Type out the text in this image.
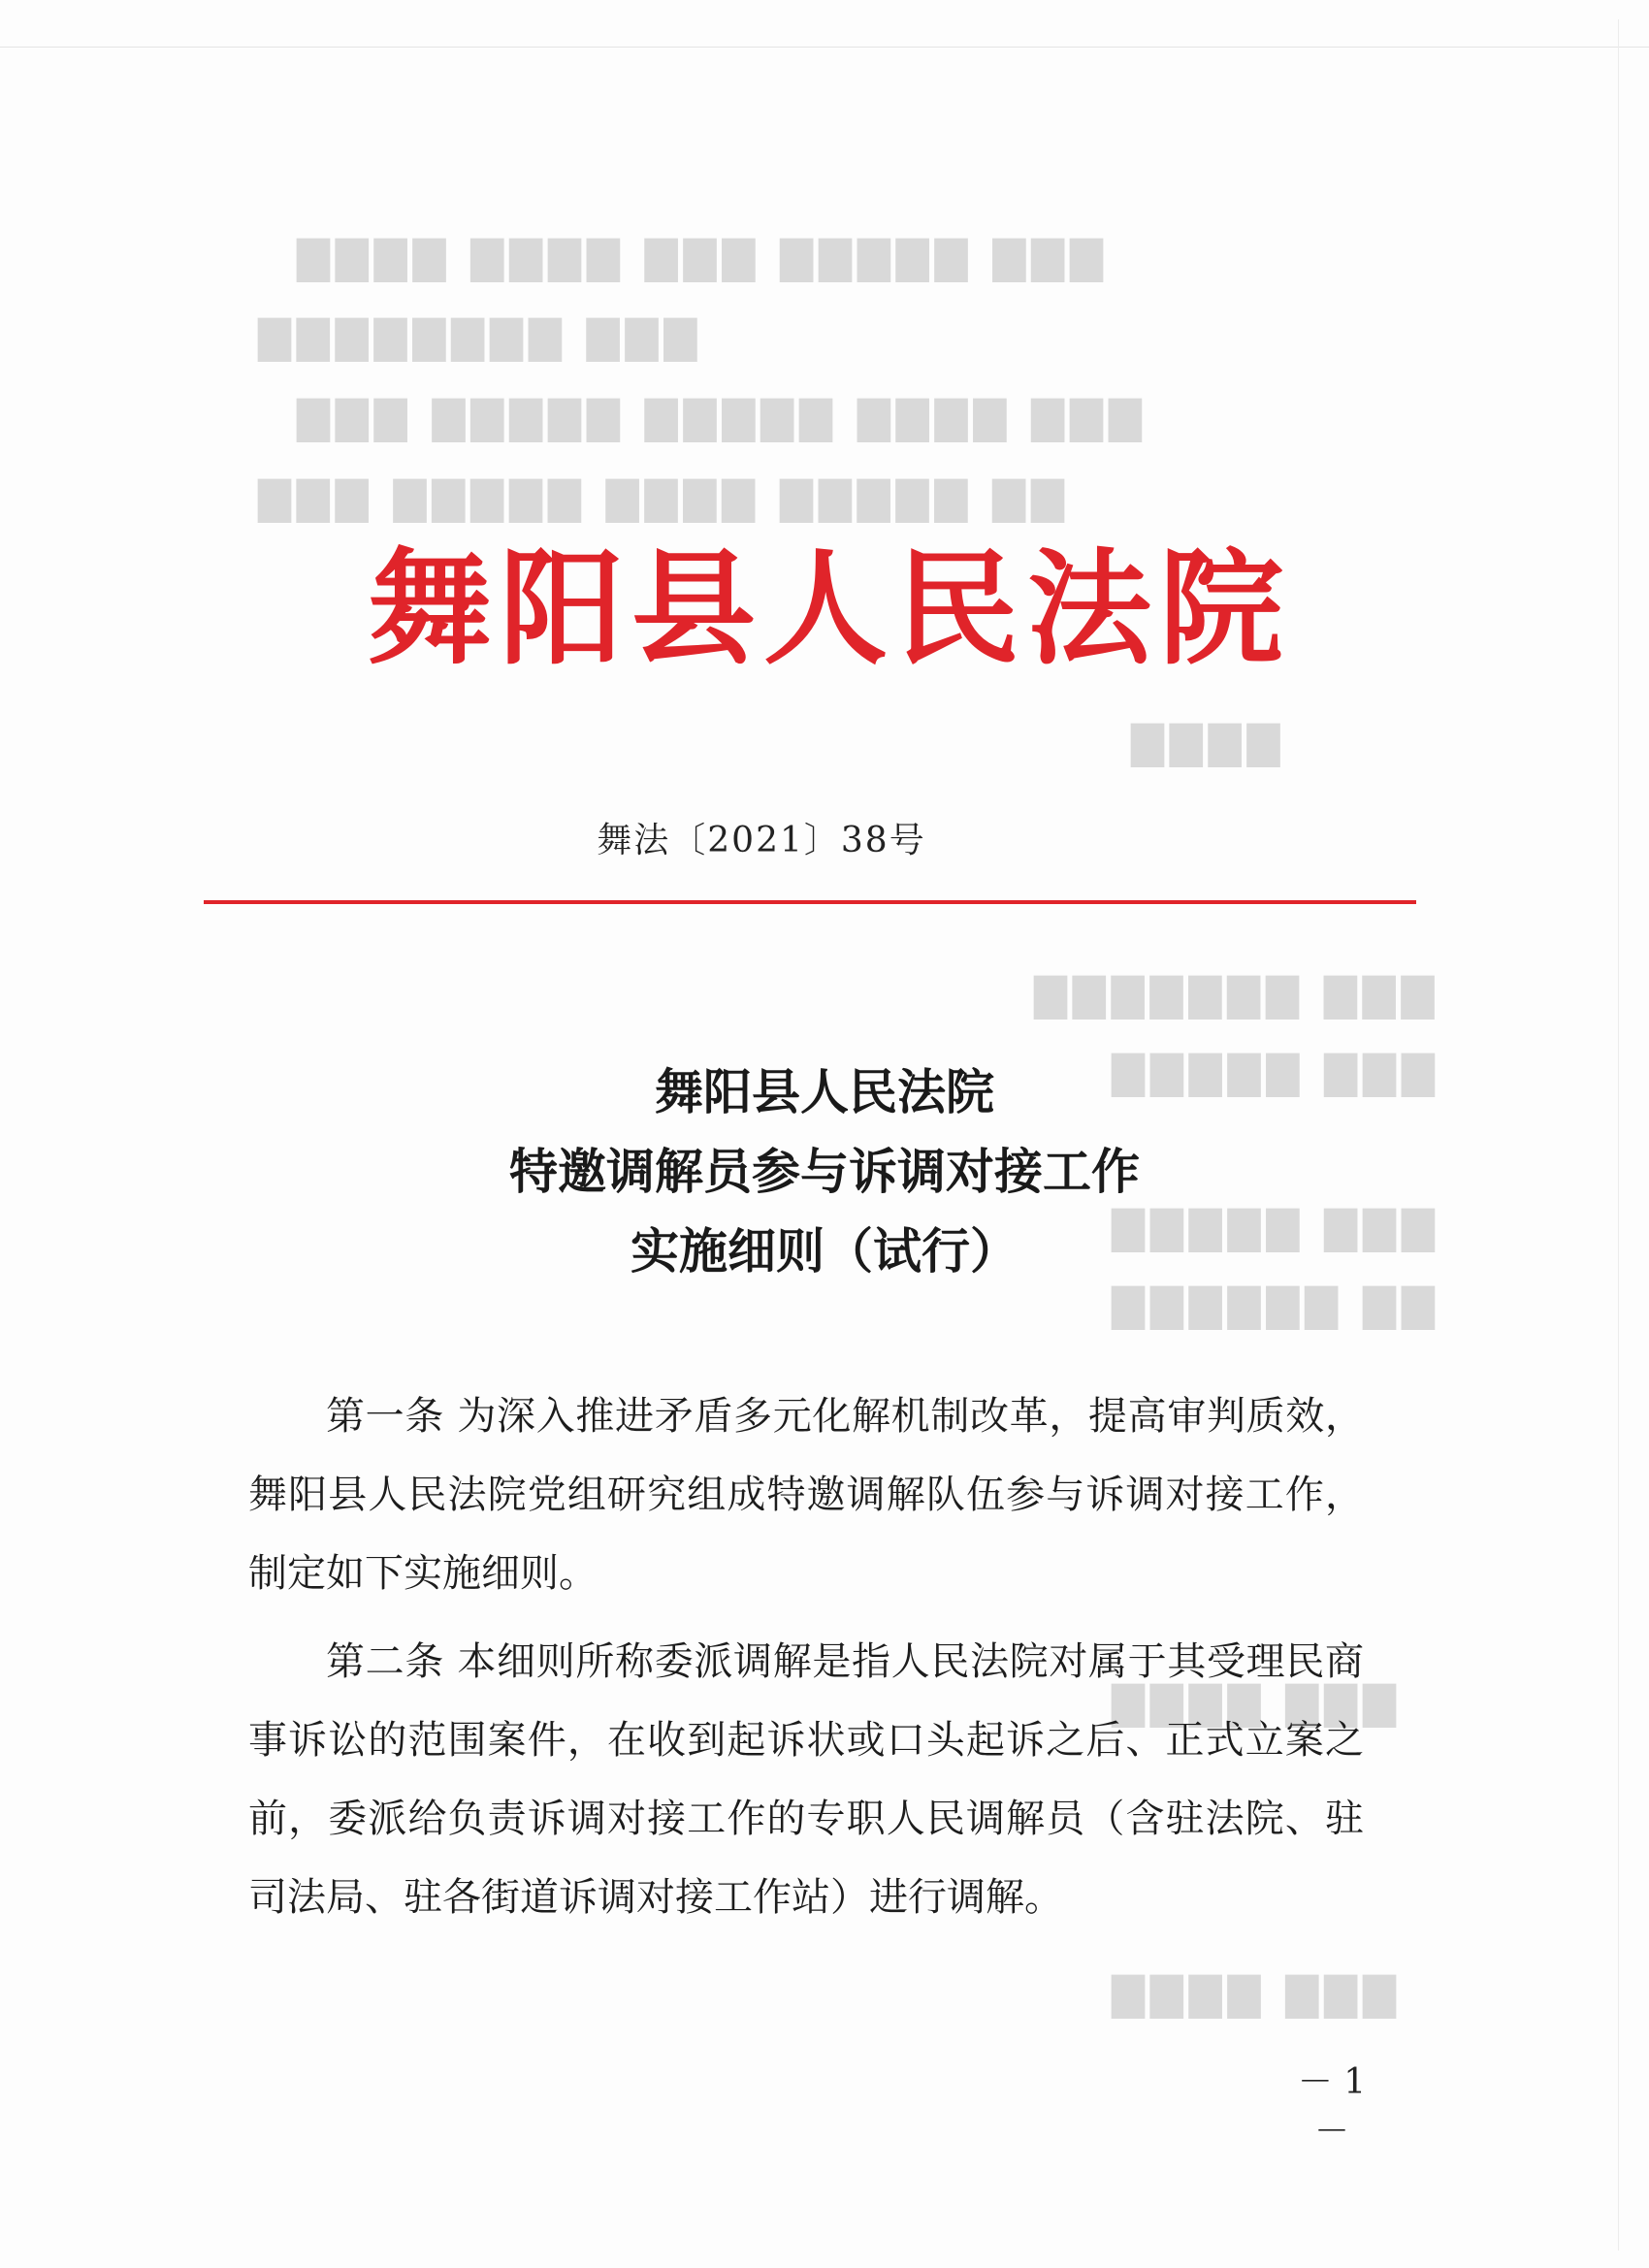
▇▇▇ ▇▇▇▇▇ ▇▇▇ ▇▇▇▇ ▇▇▇▇
▇▇▇ ▇▇▇▇▇▇▇▇
▇▇▇ ▇▇▇▇ ▇▇▇▇▇ ▇▇▇▇▇ ▇▇▇
▇▇ ▇▇▇▇▇ ▇▇▇▇ ▇▇▇▇▇ ▇▇▇
▇▇▇▇
▇▇▇ ▇▇▇▇▇▇▇
▇▇▇ ▇▇▇▇▇
▇▇▇ ▇▇▇▇▇
▇▇ ▇▇▇▇▇▇
▇▇▇ ▇▇▇▇
▇▇▇ ▇▇▇▇
舞阳县人民法院
舞法〔2021〕38号
舞阳县人民法院
特邀调解员参与诉调对接工作
实施细则（试行）

第一条 为深入推进矛盾多元化解机制改革，提高审判质效，舞阳县人民法院党组研究组成特邀调解队伍参与诉调对接工作，制定如下实施细则。

第二条 本细则所称委派调解是指人民法院对属于其受理民商事诉讼的范围案件，在收到起诉状或口头起诉之后、正式立案之前，委派给负责诉调对接工作的专职人民调解员（含驻法院、驻司法局、驻各街道诉调对接工作站）进行调解。

－ 1 －
